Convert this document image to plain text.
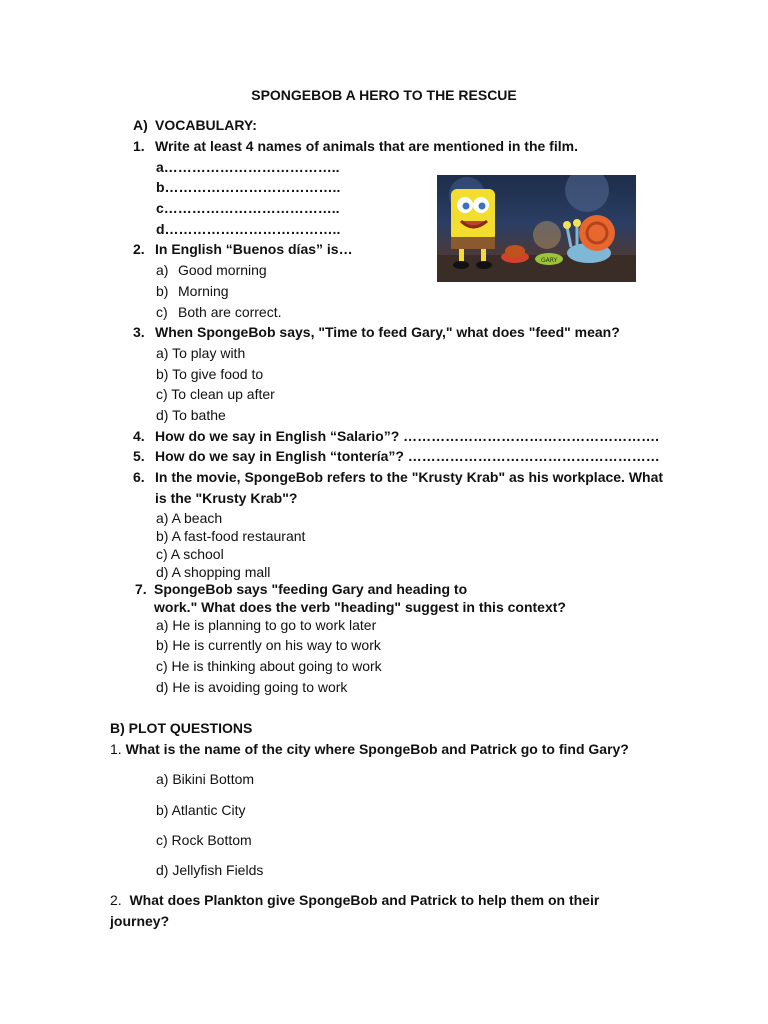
SPONGEBOB A HERO TO THE RESCUE
A) VOCABULARY:
1. Write at least 4 names of animals that are mentioned in the film.
a………………………………..
b………………………………..
c………………………………..
d………………………………..
GARY
2. In English “Buenos días” is…
a) Good morning
b) Morning
c) Both are correct.
3. When SpongeBob says, "Time to feed Gary," what does "feed" mean?
a) To play with
b) To give food to
c) To clean up after
d) To bathe
4. How do we say in English “Salario”? ……………………………………………….
5. How do we say in English “tontería”? ………………………………………………
6. In the movie, SpongeBob refers to the "Krusty Krab" as his workplace. What
is the "Krusty Krab"?
a) A beach
b) A fast-food restaurant
c) A school
d) A shopping mall
7. SpongeBob says "feeding Gary and heading to
work." What does the verb "heading" suggest in this context?
a) He is planning to go to work later
b) He is currently on his way to work
c) He is thinking about going to work
d) He is avoiding going to work
B) PLOT QUESTIONS
1. What is the name of the city where SpongeBob and Patrick go to find Gary?
a) Bikini Bottom
b) Atlantic City
c) Rock Bottom
d) Jellyfish Fields
2. What does Plankton give SpongeBob and Patrick to help them on their
journey?
